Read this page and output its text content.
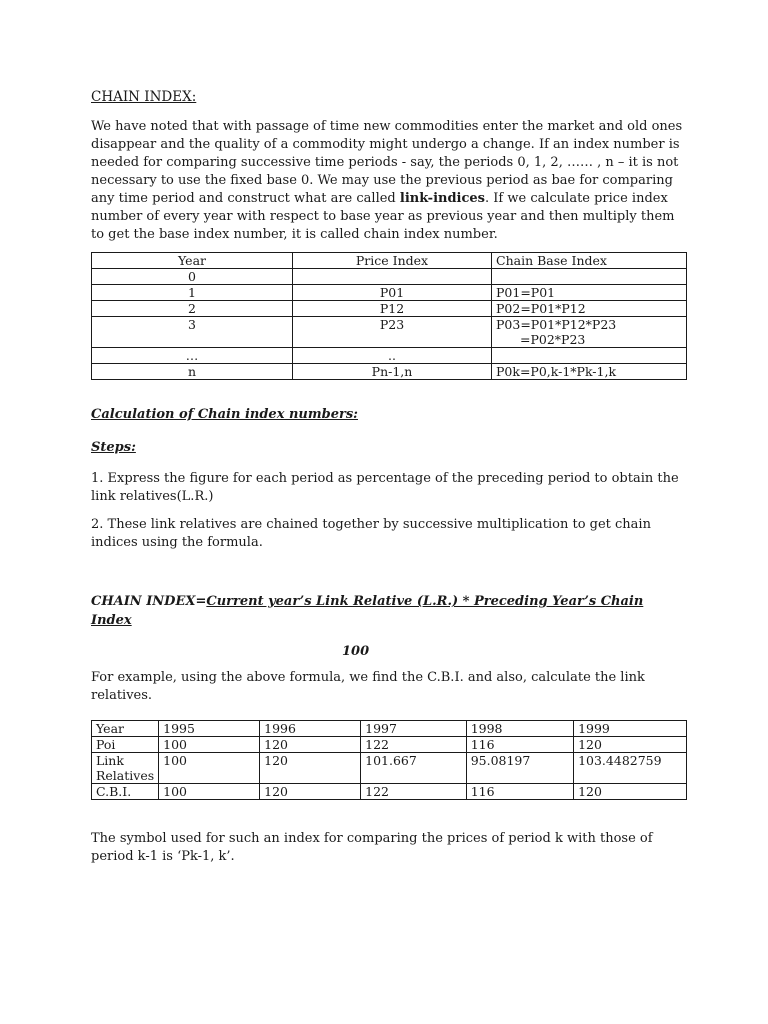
CHAIN INDEX:

We have noted that with passage of time new commodities enter the market and old ones disappear and the quality of a commodity might undergo a change. If an index number is needed for comparing successive time periods - say, the periods 0, 1, 2, …… , n – it is not necessary to use the fixed base 0. We may use the previous period as bae for comparing any time period and construct what are called link-indices. If we calculate price index number of every year with respect to base year as previous year and then multiply them to get the base index number, it is called chain index number.

Year	Price Index	Chain Base Index
0		
1	P01	P01=P01
2	P12	P02=P01*P12
3	P23	P03=P01*P12*P23
=P02*P23

…	..	
n	Pn-1,n	P0k=P0,k-1*Pk-1,k
Calculation of Chain index numbers:
Steps:

1. Express the figure for each period as percentage of the preceding period to obtain the link relatives(L.R.)

2. These link relatives are chained together by successive multiplication to get chain indices using the formula.

CHAIN INDEX=Current year’s Link Relative (L.R.) * Preceding Year’s Chain Index
100

For example, using the above formula, we find the C.B.I. and also, calculate the link relatives.

Year	1995	1996	1997	1998	1999
Poi	100	120	122	116	120
Link Relatives	100	120	101.667	95.08197	103.4482759
C.B.I.	100	120	122	116	120

The symbol used for such an index for comparing the prices of period k with those of period k-1 is ‘Pk-1, k’.
